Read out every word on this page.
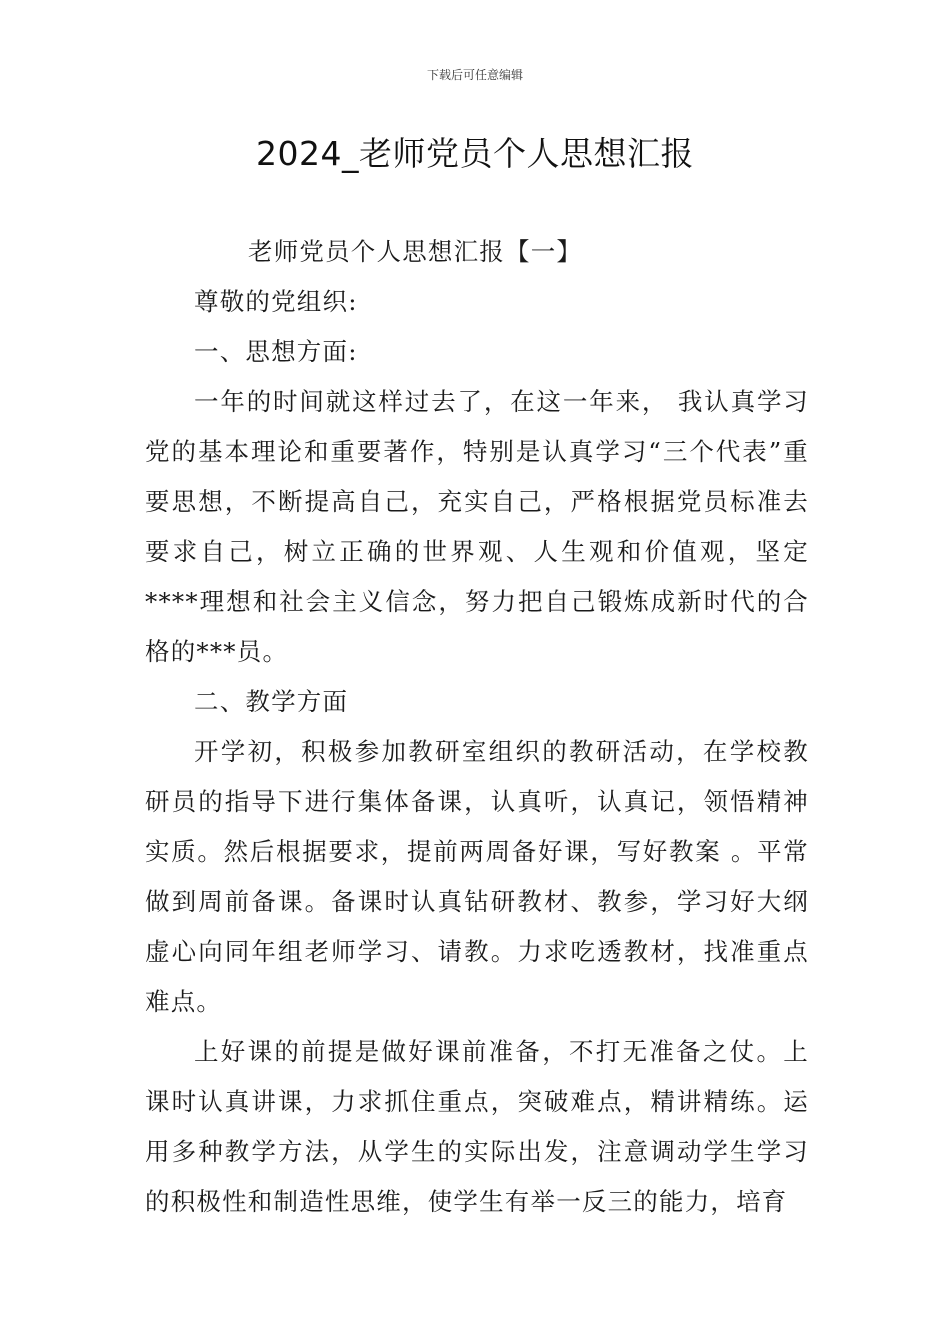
下载后可任意编辑
2024_老师党员个人思想汇报

老师党员个人思想汇报【一】

尊敬的党组织:

一、思想方面:

一年的时间就这样过去了，在这一年来， 我认真学习党的基本理论和重要著作，特别是认真学习“三个代表”重要思想，不断提高自己，充实自己，严格根据党员标准去要求自己，树立正确的世界观、人生观和价值观，坚定****理想和社会主义信念，努力把自己锻炼成新时代的合格的***员。

二、教学方面

开学初，积极参加教研室组织的教研活动，在学校教研员的指导下进行集体备课，认真听，认真记，领悟精神实质。然后根据要求，提前两周备好课，写好教案 。平常做到周前备课。备课时认真钻研教材、教参，学习好大纲虚心向同年组老师学习、请教。力求吃透教材，找准重点难点。

上好课的前提是做好课前准备，不打无准备之仗。上课时认真讲课，力求抓住重点，突破难点，精讲精练。运用多种教学方法，从学生的实际出发，注意调动学生学习的积极性和制造性思维，使学生有举一反三的能力，培育
